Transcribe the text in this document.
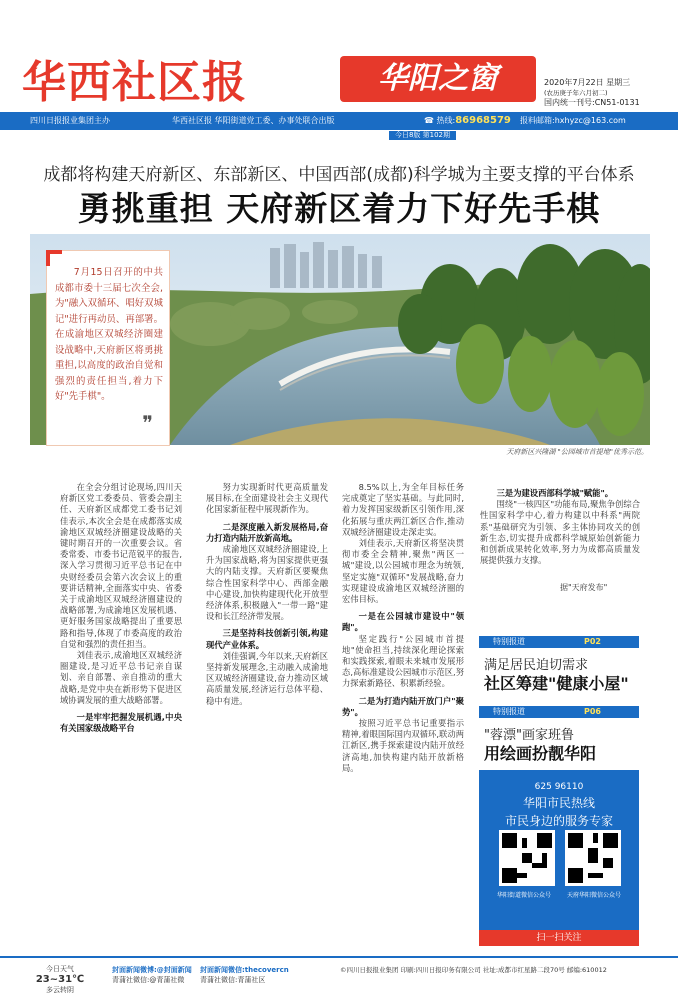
华西社区报	华阳之窗	2020年7月22日 星期三
(农历庚子年六月初二)
国内统一刊号:CN51-0131
四川日报报业集团主办	华西社区报 华阳街道党工委、办事处联合出版	☎ 热线:86968579 报料邮箱:hxhyzc@163.com
今日8版 第102期
成都将构建天府新区、东部新区、中国西部(成都)科学城为主要支撑的平台体系
勇挑重担 天府新区着力下好先手棋
天府新区兴隆湖 "公园城市首提地"优秀示范。

7月15日召开的中共成都市委十三届七次全会,为"融入双循环、唱好双城记"进行再动员、再部署。在成渝地区双城经济圈建设战略中,天府新区将勇挑重担,以高度的政治自觉和强烈的责任担当,着力下好"先手棋"。

❞

在全会分组讨论现场,四川天府新区党工委委员、管委会副主任、天府新区成都党工委书记刘佳表示,本次全会是在成都落实成渝地区双城经济圈建设战略的关键时期召开的一次重要会议。省委常委、市委书记范锐平的报告,深入学习贯彻习近平总书记在中央财经委员会第六次会议上的重要讲话精神,全面落实中央、省委关于成渝地区双城经济圈建设的战略部署,为成渝地区发展机遇、更好服务国家战略提出了重要思路和指导,体现了市委高度的政治自觉和强烈的责任担当。

刘佳表示,成渝地区双城经济圈建设,是习近平总书记亲自谋划、亲自部署、亲自推动的重大战略,是党中央在新形势下促进区域协调发展的重大战略部署。

一是牢牢把握发展机遇,中央有关国家级战略平台

努力实现新时代更高质量发展目标,在全面建设社会主义现代化国家新征程中展现新作为。

二是深度融入新发展格局,奋力打造内陆开放新高地。

成渝地区双城经济圈建设,上升为国家战略,将为国家提供更强大的内陆支撑。天府新区要聚焦综合性国家科学中心、西部金融中心建设,加快构建现代化开放型经济体系,积极融入"一带一路"建设和长江经济带发展。

三是坚持科技创新引领,构建现代产业体系。

刘佳强调,今年以来,天府新区坚持新发展理念,主动融入成渝地区双城经济圈建设,奋力推动区域高质量发展,经济运行总体平稳、稳中有进。

8.5%以上,为全年目标任务完成奠定了坚实基础。与此同时,着力发挥国家级新区引领作用,深化拓展与重庆两江新区合作,推动双城经济圈建设走深走实。

刘佳表示,天府新区将坚决贯彻市委全会精神,聚焦"两区一城"建设,以公园城市理念为统领,坚定实施"双循环"发展战略,奋力实现建设成渝地区双城经济圈的宏伟目标。

一是在公园城市建设中"领跑"。

坚定践行"公园城市首提地"使命担当,持续深化理论探索和实践探索,着眼未来城市发展形态,高标准建设公园城市示范区,努力探索新路径、积累新经验。

二是为打造内陆开放门户"聚势"。

按照习近平总书记重要指示精神,着眼国际国内双循环,联动两江新区,携手探索建设内陆开放经济高地,加快构建内陆开放新格局。

三是为建设西部科学城"赋能"。

围绕"一核四区"功能布局,聚焦争创综合性国家科学中心,着力构建以中科系"两院系"基础研究为引领、多主体协同攻关的创新生态,切实提升成都科学城原始创新能力和创新成果转化效率,努力为成都高质量发展提供强力支撑。

据"天府发布"
特别报道	P02
满足居民迫切需求
社区筹建"健康小屋"
特别报道	P06
"蓉漂"画家班鲁
用绘画扮靓华阳
625 96110
华阳市民热线
市民身边的服务专家
华阳街道微信公众号	天府华阳微信公众号
扫一扫关注
今日天气
23~31℃
多云转阴
封面新闻微博:@封面新闻
青蒲社微信:@青蒲社微
封面新闻微信:thecovercn
青蒲社微信:青蒲社区
©四川日报报业集团 印刷:四川日报印务有限公司 社址:成都市红星路二段70号 邮编:610012
